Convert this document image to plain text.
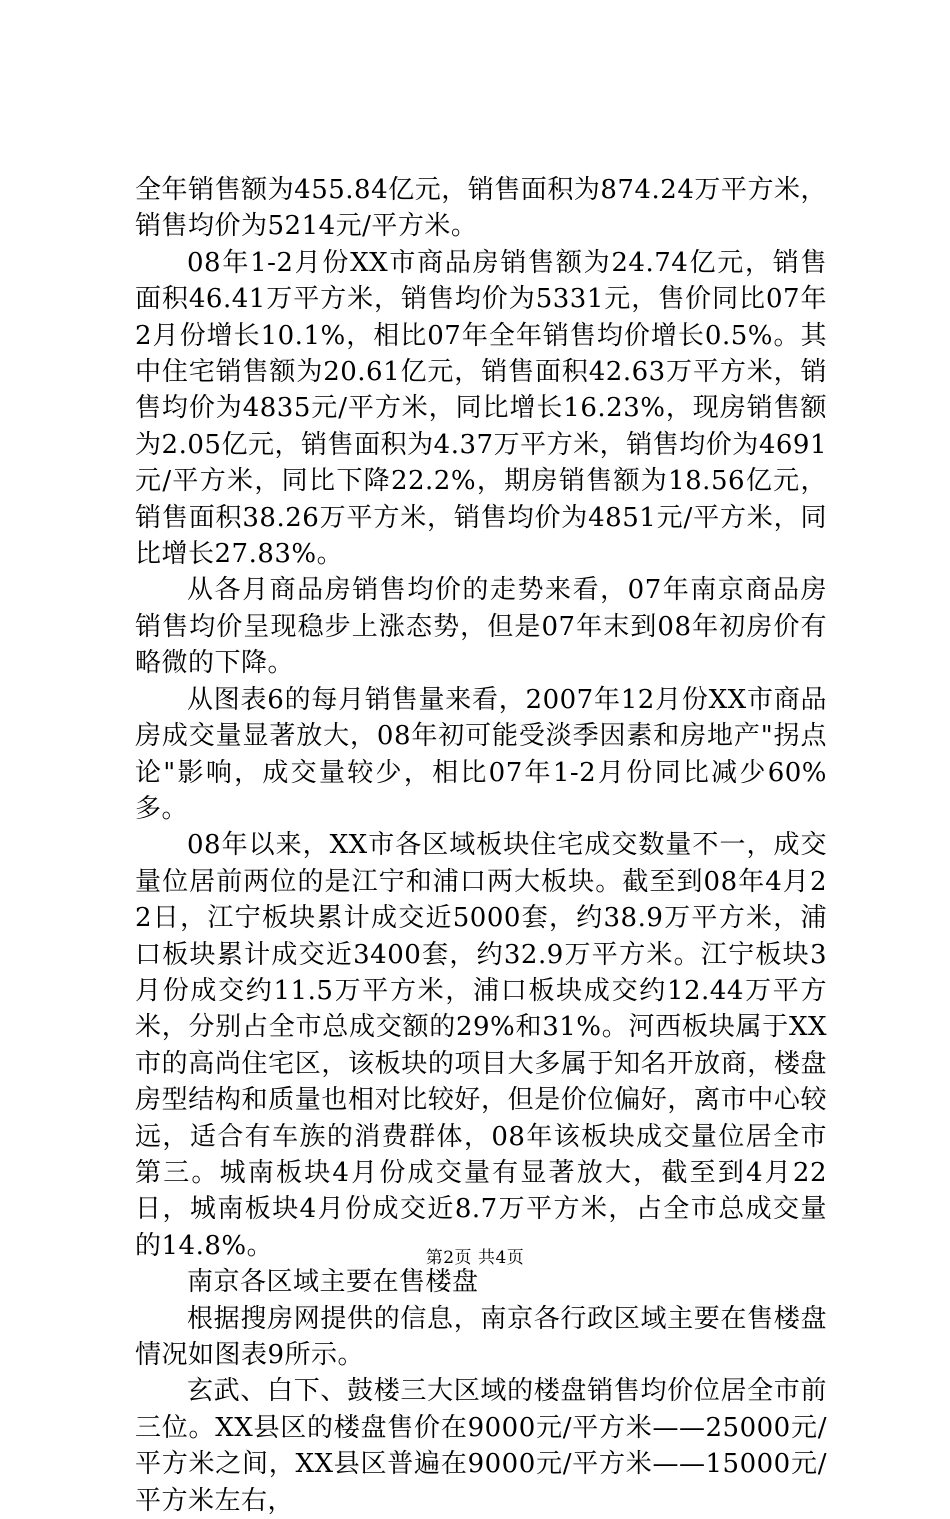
全年销售额为455.84亿元，销售面积为874.24万平方米，销售均价为5214元/平方米。

08年1-2月份XX市商品房销售额为24.74亿元，销售面积46.41万平方米，销售均价为5331元，售价同比07年2月份增长10.1%，相比07年全年销售均价增长0.5%。其中住宅销售额为20.61亿元，销售面积42.63万平方米，销售均价为4835元/平方米，同比增长16.23%，现房销售额为2.05亿元，销售面积为4.37万平方米，销售均价为4691元/平方米，同比下降22.2%，期房销售额为18.56亿元，销售面积38.26万平方米，销售均价为4851元/平方米，同比增长27.83%。

从各月商品房销售均价的走势来看，07年南京商品房销售均价呈现稳步上涨态势，但是07年末到08年初房价有略微的下降。

从图表6的每月销售量来看，2007年12月份XX市商品房成交量显著放大，08年初可能受淡季因素和房地产"拐点论"影响，成交量较少，相比07年1-2月份同比减少60%多。

08年以来，XX市各区域板块住宅成交数量不一，成交量位居前两位的是江宁和浦口两大板块。截至到08年4月22日，江宁板块累计成交近5000套，约38.9万平方米，浦口板块累计成交近3400套，约32.9万平方米。江宁板块3月份成交约11.5万平方米，浦口板块成交约12.44万平方米，分别占全市总成交额的29%和31%。河西板块属于XX市的高尚住宅区，该板块的项目大多属于知名开放商，楼盘房型结构和质量也相对比较好，但是价位偏好，离市中心较远，适合有车族的消费群体，08年该板块成交量位居全市第三。城南板块4月份成交量有显著放大，截至到4月22日，城南板块4月份成交近8.7万平方米，占全市总成交量的14.8%。

南京各区域主要在售楼盘

根据搜房网提供的信息，南京各行政区域主要在售楼盘情况如图表9所示。

玄武、白下、鼓楼三大区域的楼盘销售均价位居全市前三位。XX县区的楼盘售价在9000元/平方米——25000元/平方米之间，XX县区普遍在9000元/平方米——15000元/平方米左右，

第2页 共4页
